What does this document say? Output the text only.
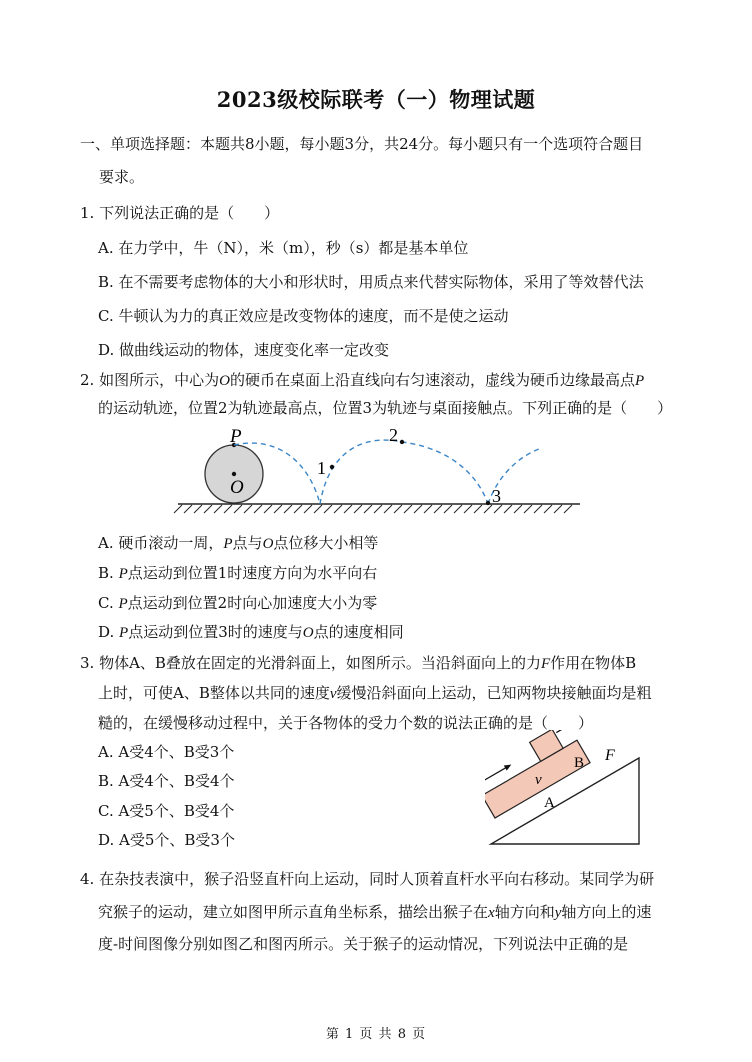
2023级校际联考（一）物理试题
一、单项选择题：本题共8小题，每小题3分，共24分。每小题只有一个选项符合题目
要求。
1. 下列说法正确的是（　　）
A. 在力学中，牛（N），米（m），秒（s）都是基本单位
B. 在不需要考虑物体的大小和形状时，用质点来代替实际物体，采用了等效替代法
C. 牛顿认为力的真正效应是改变物体的速度，而不是使之运动
D. 做曲线运动的物体，速度变化率一定改变
2. 如图所示，中心为O的硬币在桌面上沿直线向右匀速滚动，虚线为硬币边缘最高点P
的运动轨迹，位置2为轨迹最高点，位置3为轨迹与桌面接触点。下列正确的是（　　）
P
O
1
2
3
A. 硬币滚动一周，P点与O点位移大小相等
B. P点运动到位置1时速度方向为水平向右
C. P点运动到位置2时向心加速度大小为零
D. P点运动到位置3时的速度与O点的速度相同
3. 物体A、B叠放在固定的光滑斜面上，如图所示。当沿斜面向上的力F作用在物体B
上时，可使A、B整体以共同的速度v缓慢沿斜面向上运动，已知两物块接触面均是粗
糙的，在缓慢移动过程中，关于各物体的受力个数的说法正确的是（　　）
A. A受4个、B受3个
B. A受4个、B受4个
C. A受5个、B受4个
D. A受5个、B受3个
A
B F
v
4. 在杂技表演中，猴子沿竖直杆向上运动，同时人顶着直杆水平向右移动。某同学为研
究猴子的运动，建立如图甲所示直角坐标系，描绘出猴子在x轴方向和y轴方向上的速
度-时间图像分别如图乙和图丙所示。关于猴子的运动情况，下列说法中正确的是
第 1 页 共 8 页
